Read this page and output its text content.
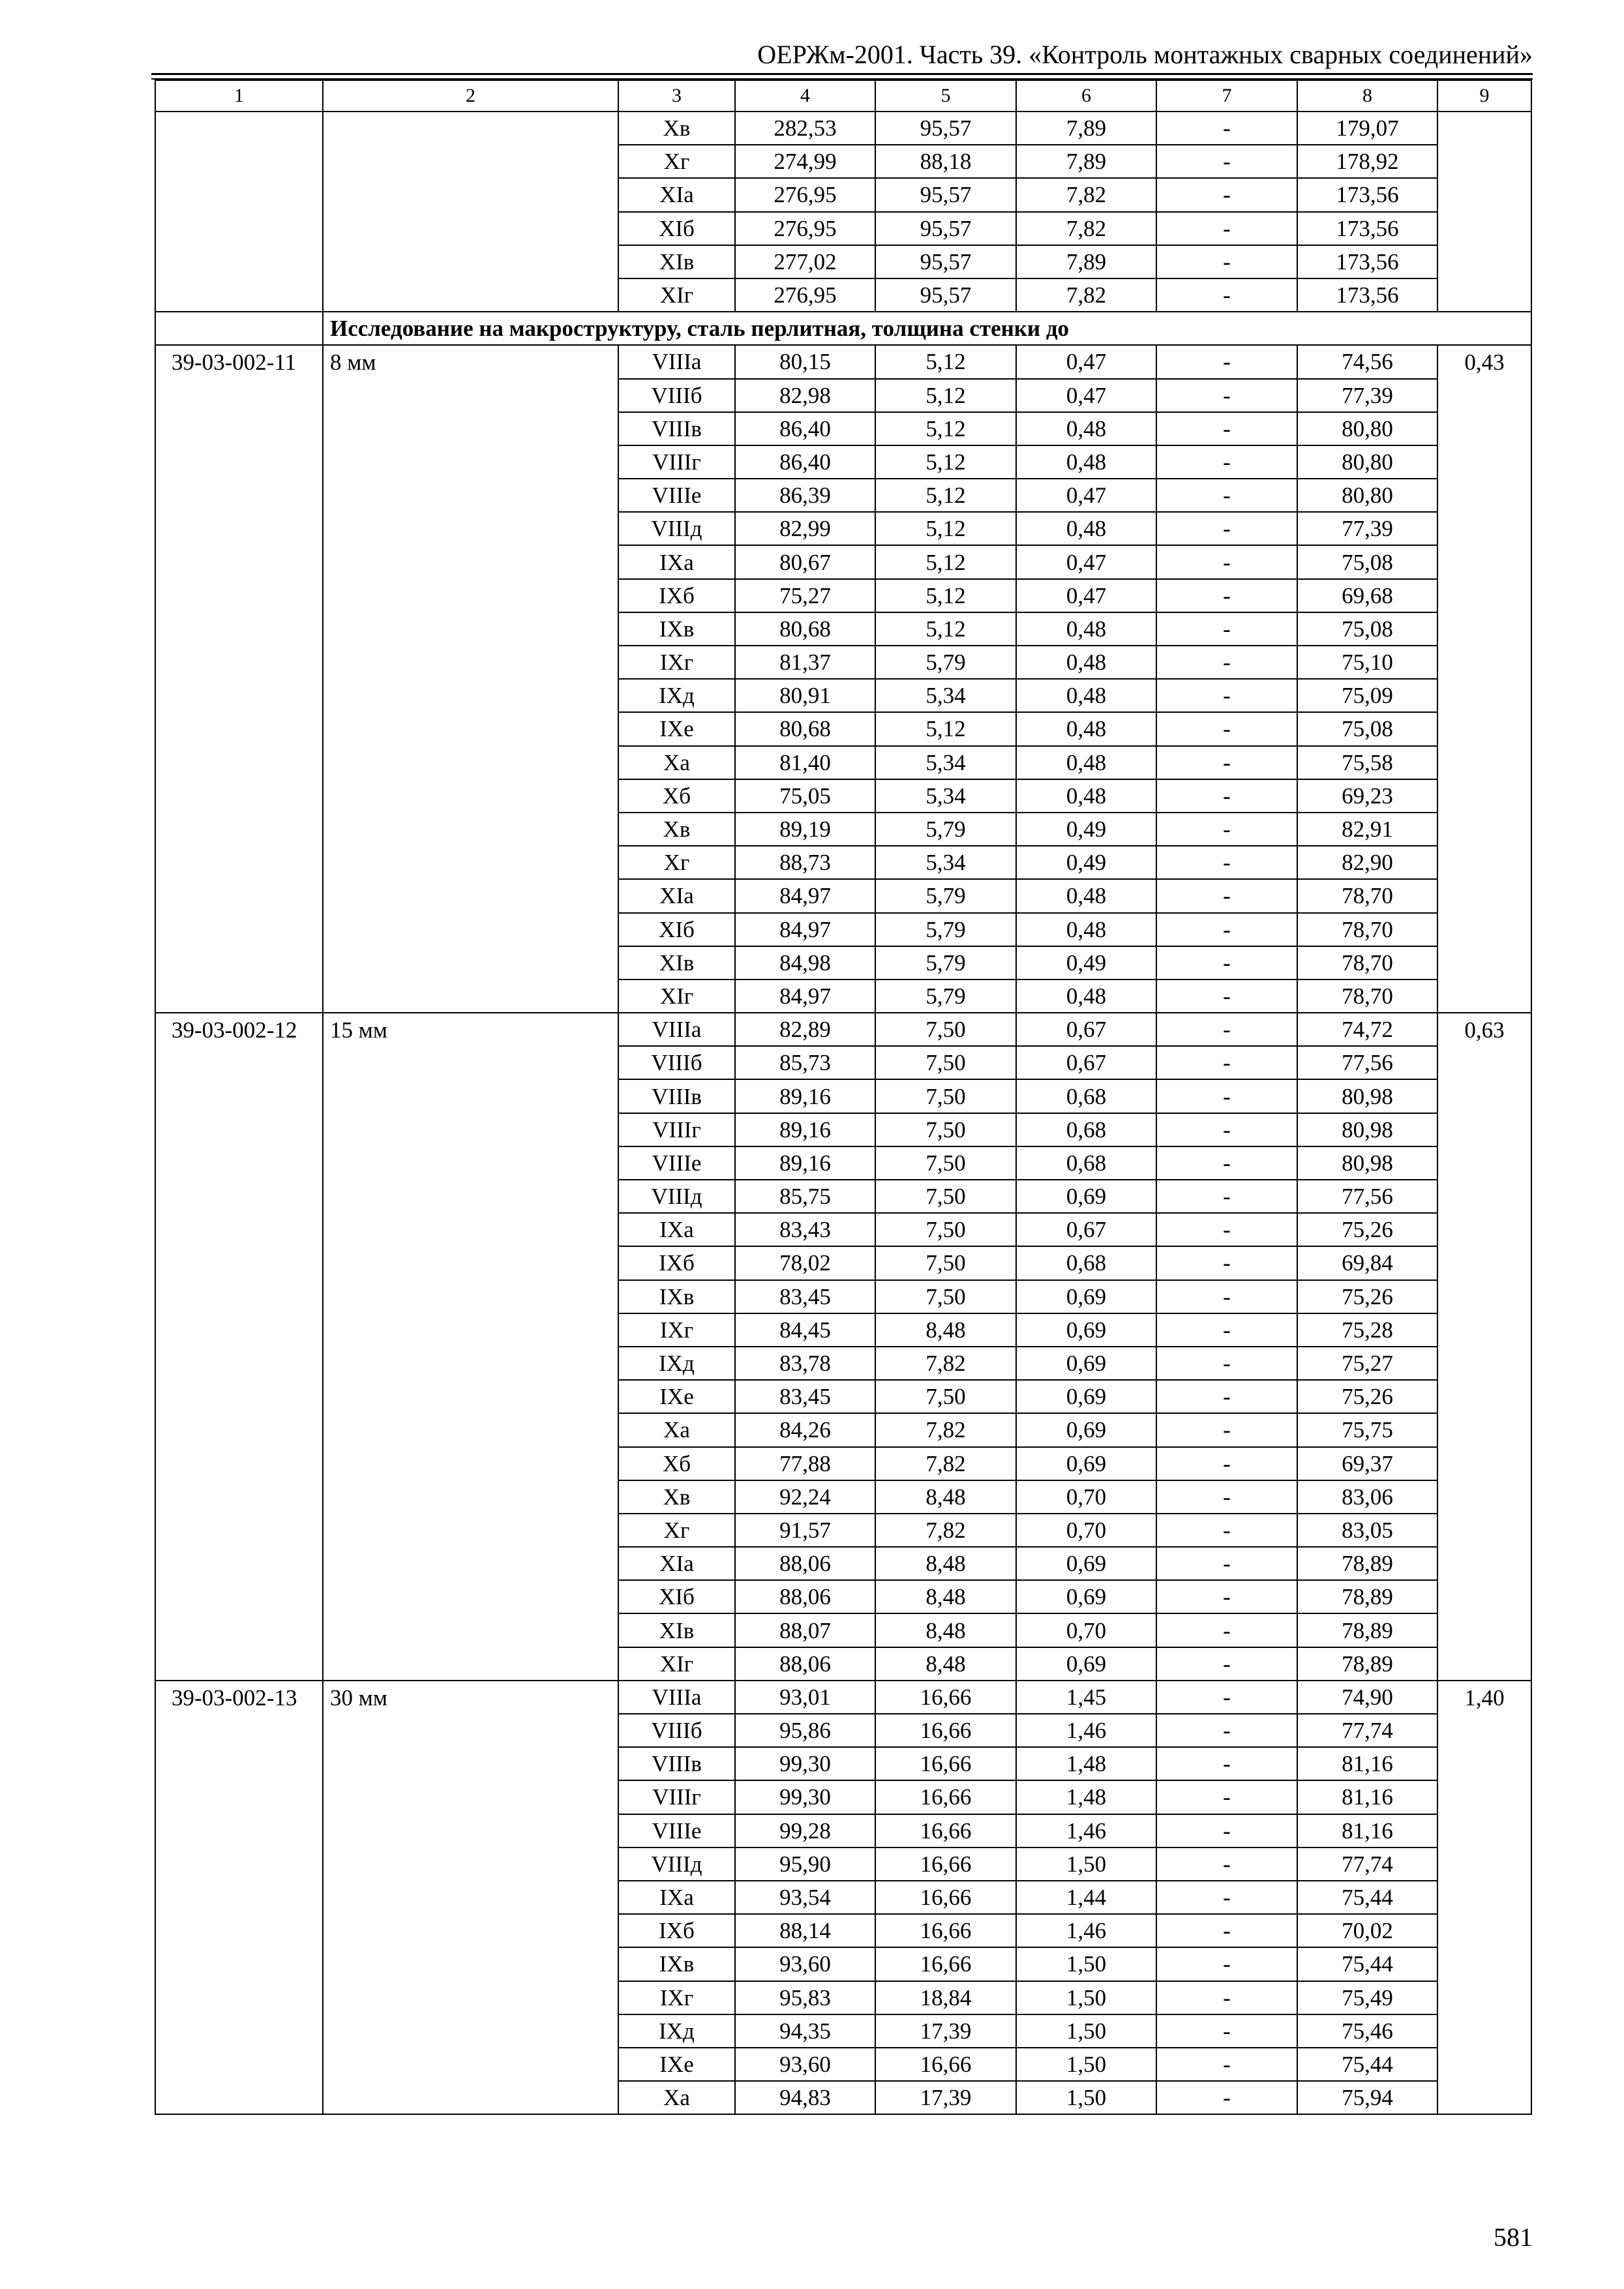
ОЕРЖм-2001. Часть 39. «Контроль монтажных сварных соединений»
1	2	3	4	5	6	7	8	9
		Xв	282,53	95,57	7,89	-	179,07	
		Xг	274,99	88,18	7,89	-	178,92	
		XIа	276,95	95,57	7,82	-	173,56	
		XIб	276,95	95,57	7,82	-	173,56	
		XIв	277,02	95,57	7,89	-	173,56	
		XIг	276,95	95,57	7,82	-	173,56	
	Исследование на макроструктуру, сталь перлитная, толщина стенки до							
39-03-002-11	8 мм	VIIIа	80,15	5,12	0,47	-	74,56	0,43
		VIIIб	82,98	5,12	0,47	-	77,39	
		VIIIв	86,40	5,12	0,48	-	80,80	
		VIIIг	86,40	5,12	0,48	-	80,80	
		VIIIе	86,39	5,12	0,47	-	80,80	
		VIIIд	82,99	5,12	0,48	-	77,39	
		IXа	80,67	5,12	0,47	-	75,08	
		IXб	75,27	5,12	0,47	-	69,68	
		IXв	80,68	5,12	0,48	-	75,08	
		IXг	81,37	5,79	0,48	-	75,10	
		IXд	80,91	5,34	0,48	-	75,09	
		IXе	80,68	5,12	0,48	-	75,08	
		Xа	81,40	5,34	0,48	-	75,58	
		Xб	75,05	5,34	0,48	-	69,23	
		Xв	89,19	5,79	0,49	-	82,91	
		Xг	88,73	5,34	0,49	-	82,90	
		XIа	84,97	5,79	0,48	-	78,70	
		XIб	84,97	5,79	0,48	-	78,70	
		XIв	84,98	5,79	0,49	-	78,70	
		XIг	84,97	5,79	0,48	-	78,70	
39-03-002-12	15 мм	VIIIа	82,89	7,50	0,67	-	74,72	0,63
		VIIIб	85,73	7,50	0,67	-	77,56	
		VIIIв	89,16	7,50	0,68	-	80,98	
		VIIIг	89,16	7,50	0,68	-	80,98	
		VIIIе	89,16	7,50	0,68	-	80,98	
		VIIIд	85,75	7,50	0,69	-	77,56	
		IXа	83,43	7,50	0,67	-	75,26	
		IXб	78,02	7,50	0,68	-	69,84	
		IXв	83,45	7,50	0,69	-	75,26	
		IXг	84,45	8,48	0,69	-	75,28	
		IXд	83,78	7,82	0,69	-	75,27	
		IXе	83,45	7,50	0,69	-	75,26	
		Xа	84,26	7,82	0,69	-	75,75	
		Xб	77,88	7,82	0,69	-	69,37	
		Xв	92,24	8,48	0,70	-	83,06	
		Xг	91,57	7,82	0,70	-	83,05	
		XIа	88,06	8,48	0,69	-	78,89	
		XIб	88,06	8,48	0,69	-	78,89	
		XIв	88,07	8,48	0,70	-	78,89	
		XIг	88,06	8,48	0,69	-	78,89	
39-03-002-13	30 мм	VIIIа	93,01	16,66	1,45	-	74,90	1,40
		VIIIб	95,86	16,66	1,46	-	77,74	
		VIIIв	99,30	16,66	1,48	-	81,16	
		VIIIг	99,30	16,66	1,48	-	81,16	
		VIIIе	99,28	16,66	1,46	-	81,16	
		VIIIд	95,90	16,66	1,50	-	77,74	
		IXа	93,54	16,66	1,44	-	75,44	
		IXб	88,14	16,66	1,46	-	70,02	
		IXв	93,60	16,66	1,50	-	75,44	
		IXг	95,83	18,84	1,50	-	75,49	
		IXд	94,35	17,39	1,50	-	75,46	
		IXе	93,60	16,66	1,50	-	75,44	
		Xа	94,83	17,39	1,50	-	75,94	
581
